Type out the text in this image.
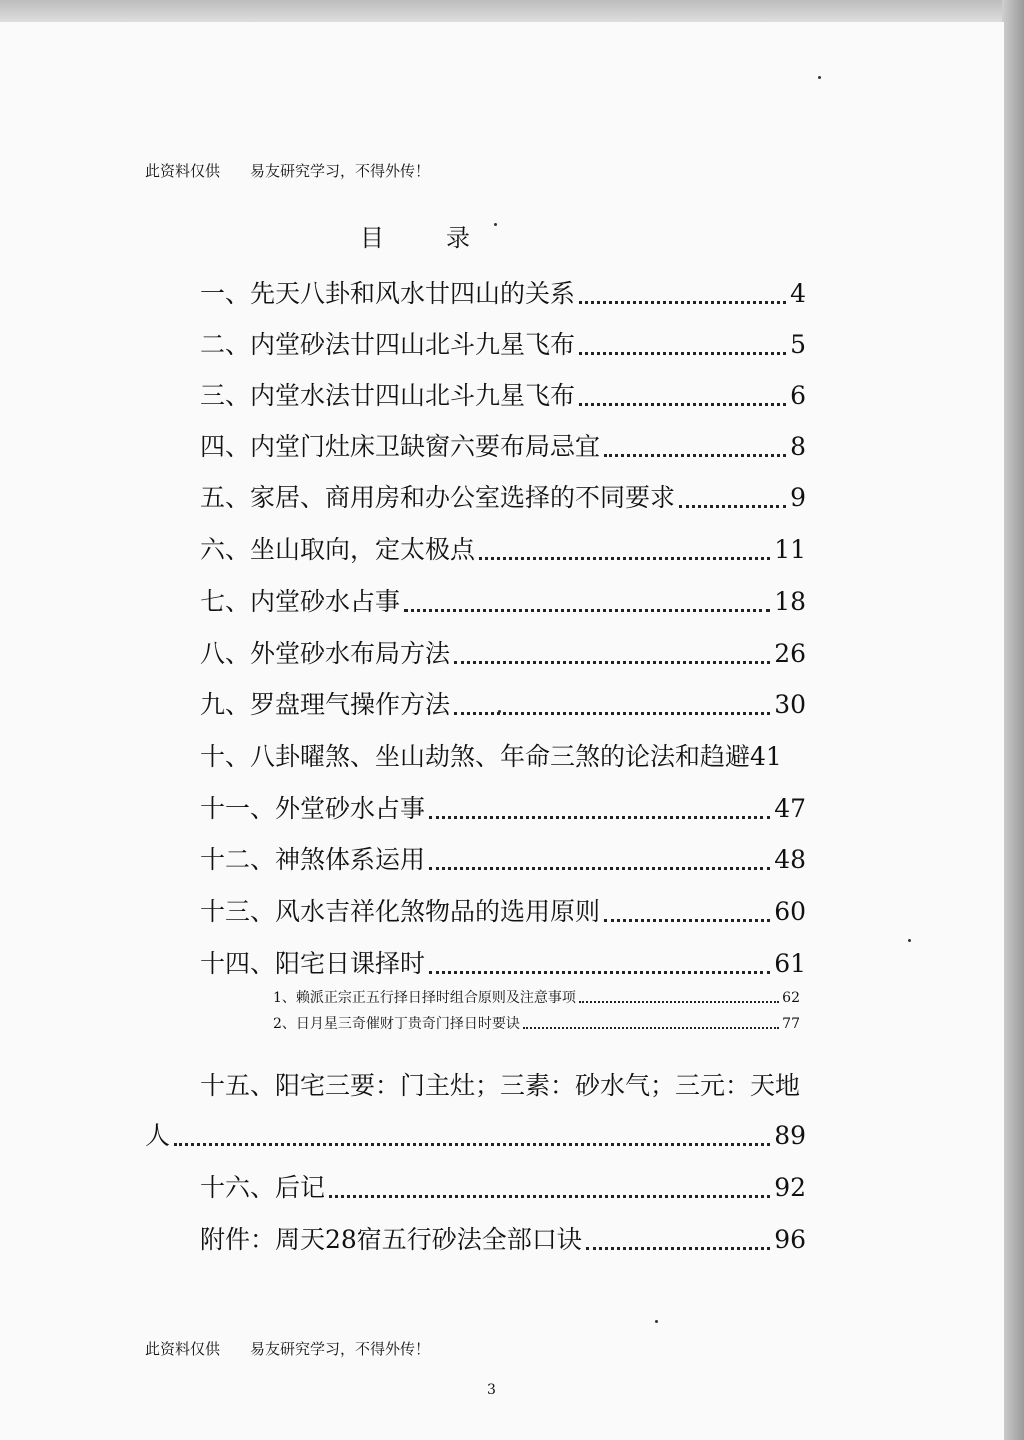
此资料仅供 易友研究学习，不得外传！
目	录
一、先天八卦和风水廿四山的关系	4
二、内堂砂法廿四山北斗九星飞布	5
三、内堂水法廿四山北斗九星飞布	6
四、内堂门灶床卫缺窗六要布局忌宜	8
五、家居、商用房和办公室选择的不同要求	9
六、坐山取向，定太极点	11
七、内堂砂水占事	18
八、外堂砂水布局方法	26
九、罗盘理气操作方法	30
十、八卦曜煞、坐山劫煞、年命三煞的论法和趋避 41
十一、外堂砂水占事	47
十二、神煞体系运用	48
十三、风水吉祥化煞物品的选用原则	60
十四、阳宅日课择时	61
1、赖派正宗正五行择日择时组合原则及注意事项	62
2、日月星三奇催财丁贵奇门择日时要诀	77
十五、阳宅三要：门主灶；三素：砂水气；三元：天地
人	89
十六、后记	92
附件：周天28宿五行砂法全部口诀	96
此资料仅供 易友研究学习，不得外传！
3
